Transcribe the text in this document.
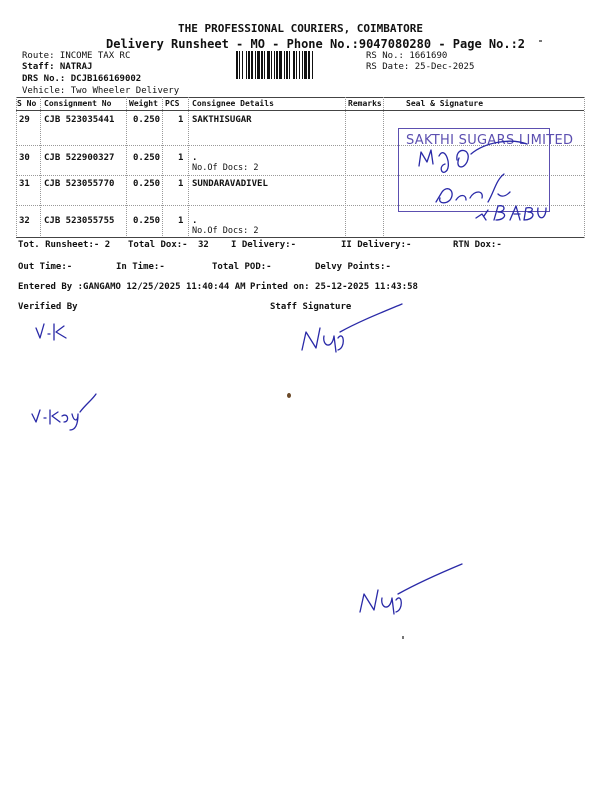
THE PROFESSIONAL COURIERS, COIMBATORE
Delivery Runsheet - MO - Phone No.:9047080280 - Page No.:2
Route: INCOME TAX RC
Staff: NATRAJ
DRS No.: DCJB166169002
Vehicle: Two Wheeler Delivery
RS No.: 1661690
RS Date: 25-Dec-2025
S No Consignment No Weight PCS Consignee Details	Remarks	Seal & Signature
29 CJB 523035441 0.250 1 SAKTHISUGAR
30 CJB 522900327 0.250 1 .
No.Of Docs: 2
31 CJB 523055770 0.250 1 SUNDARAVADIVEL
32 CJB 523055755 0.250 1 .
No.Of Docs: 2
SAKTHI SUGARS LIMITED
Tot. Runsheet:- 2 Total Dox:- 32 I Delivery:-	II Delivery:-	RTN Dox:-
Out Time:-	In Time:-	Total POD:-	Delvy Points:-
Entered By :GANGAMO 12/25/2025 11:40:44 AM Printed on: 25-12-2025 11:43:58
Verified By	Staff Signature
